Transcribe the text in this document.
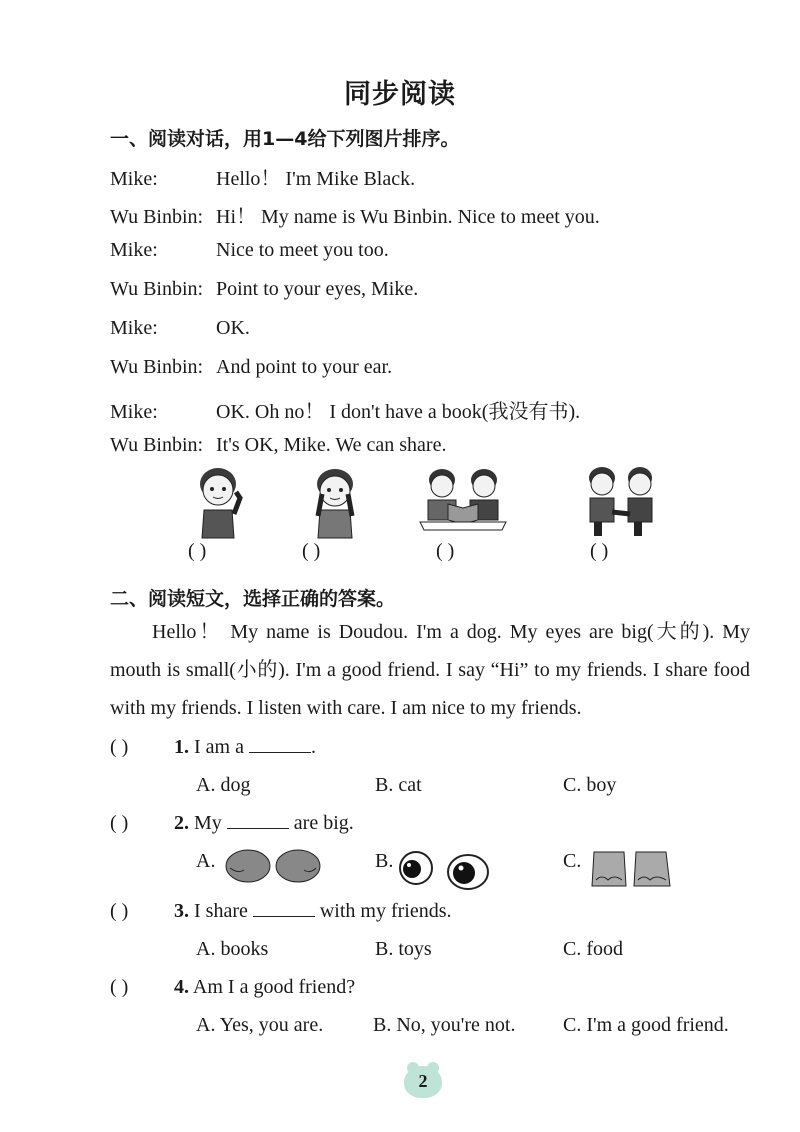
同步阅读
一、阅读对话，用1—4给下列图片排序。
Mike:	Hello！ I'm Mike Black.
Wu Binbin: Hi！ My name is Wu Binbin. Nice to meet you.
Mike:	Nice to meet you too.
Wu Binbin: Point to your eyes, Mike.
Mike:	OK.
Wu Binbin: And point to your ear.
Mike:	OK. Oh no！ I don't have a book(我没有书).
Wu Binbin: It's OK, Mike. We can share.
( )	( )	( )	( )
二、阅读短文，选择正确的答案。

Hello！ My name is Doudou. I'm a dog. My eyes are big(大的). My mouth is small(小的). I'm a good friend. I say “Hi” to my friends. I share food with my friends. I listen with care. I am nice to my friends.

( ) 1. I am a	.
A. dog	B. cat	C. boy
( ) 2. My	are big.
A.	B.	C.
( ) 3. I share	with my friends.
A. books	B. toys	C. food
( ) 4. Am I a good friend?
A. Yes, you are. B. No, you're not. C. I'm a good friend.
2
